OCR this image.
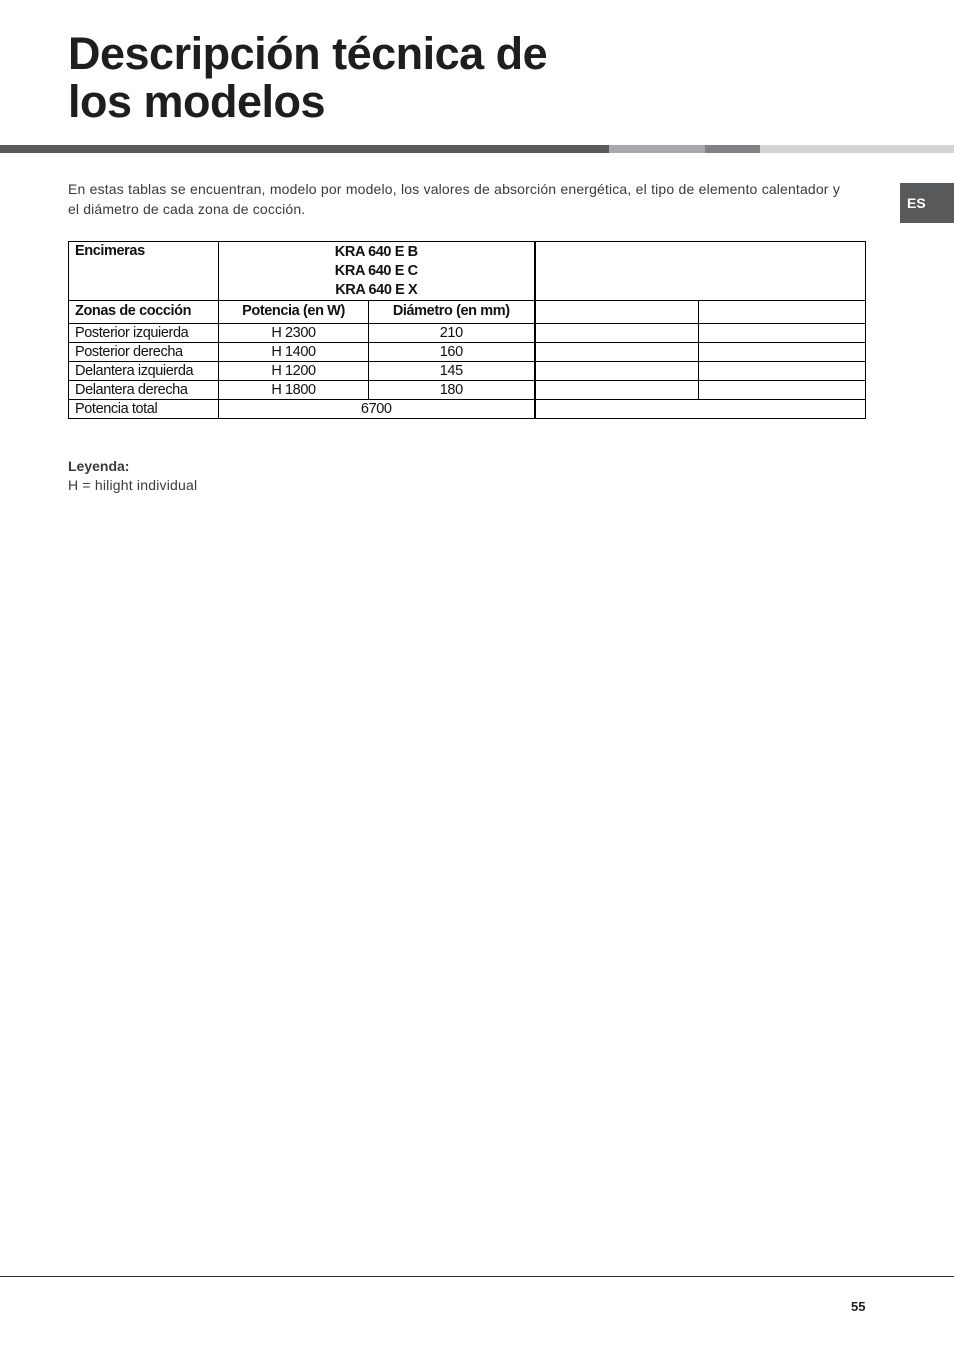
Descripción técnica de
los modelos
ES

En estas tablas se encuentran, modelo por modelo, los valores de absorción energética, el tipo de elemento calentador y el diámetro de cada zona de cocción.

Encimeras	KRA 640 E B
KRA 640 E C
KRA 640 E X			

Zonas de cocción	Potencia (en W)	Diámetro (en mm)		
Posterior izquierda	H 2300	210		
Posterior derecha	H 1400	160		
Delantera izquierda	H 1200	145		
Delantera derecha	H 1800	180		
Potencia total	6700			

Leyenda:

H = hilight individual

55
